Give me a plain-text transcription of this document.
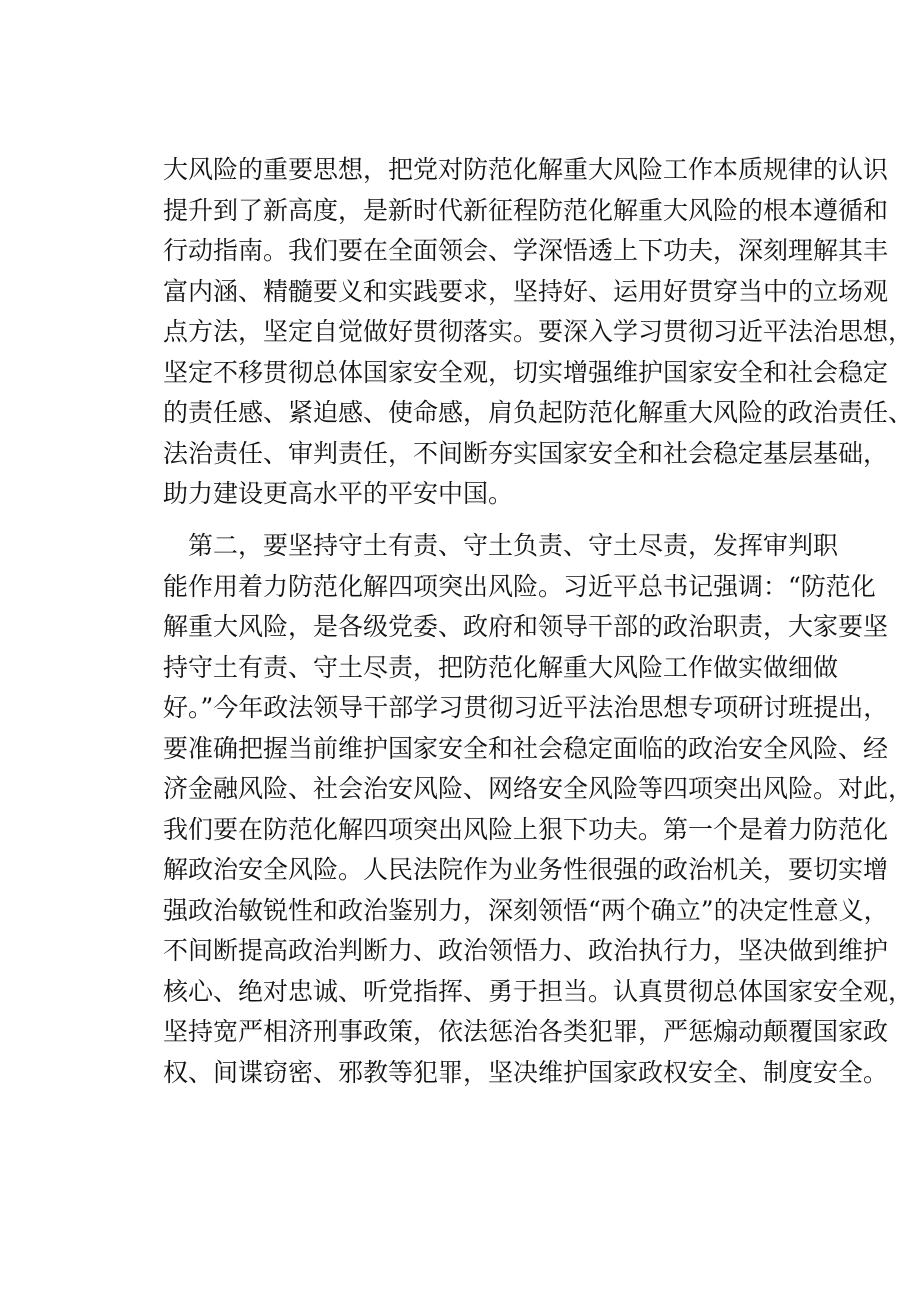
大风险的重要思想，把党对防范化解重大风险工作本质规律的认识
提升到了新高度，是新时代新征程防范化解重大风险的根本遵循和
行动指南。我们要在全面领会、学深悟透上下功夫，深刻理解其丰
富内涵、精髓要义和实践要求，坚持好、运用好贯穿当中的立场观
点方法，坚定自觉做好贯彻落实。要深入学习贯彻习近平法治思想，
坚定不移贯彻总体国家安全观，切实增强维护国家安全和社会稳定
的责任感、紧迫感、使命感，肩负起防范化解重大风险的政治责任、
法治责任、审判责任，不间断夯实国家安全和社会稳定基层基础，
助力建设更高水平的平安中国。
第二，要坚持守土有责、守土负责、守土尽责，发挥审判职
能作用着力防范化解四项突出风险。习近平总书记强调：“防范化
解重大风险，是各级党委、政府和领导干部的政治职责，大家要坚
持守土有责、守土尽责，把防范化解重大风险工作做实做细做
好。”今年政法领导干部学习贯彻习近平法治思想专项研讨班提出，
要准确把握当前维护国家安全和社会稳定面临的政治安全风险、经
济金融风险、社会治安风险、网络安全风险等四项突出风险。对此，
我们要在防范化解四项突出风险上狠下功夫。第一个是着力防范化
解政治安全风险。人民法院作为业务性很强的政治机关，要切实增
强政治敏锐性和政治鉴别力，深刻领悟“两个确立”的决定性意义，
不间断提高政治判断力、政治领悟力、政治执行力，坚决做到维护
核心、绝对忠诚、听党指挥、勇于担当。认真贯彻总体国家安全观，
坚持宽严相济刑事政策，依法惩治各类犯罪，严惩煽动颠覆国家政
权、间谍窃密、邪教等犯罪，坚决维护国家政权安全、制度安全。
